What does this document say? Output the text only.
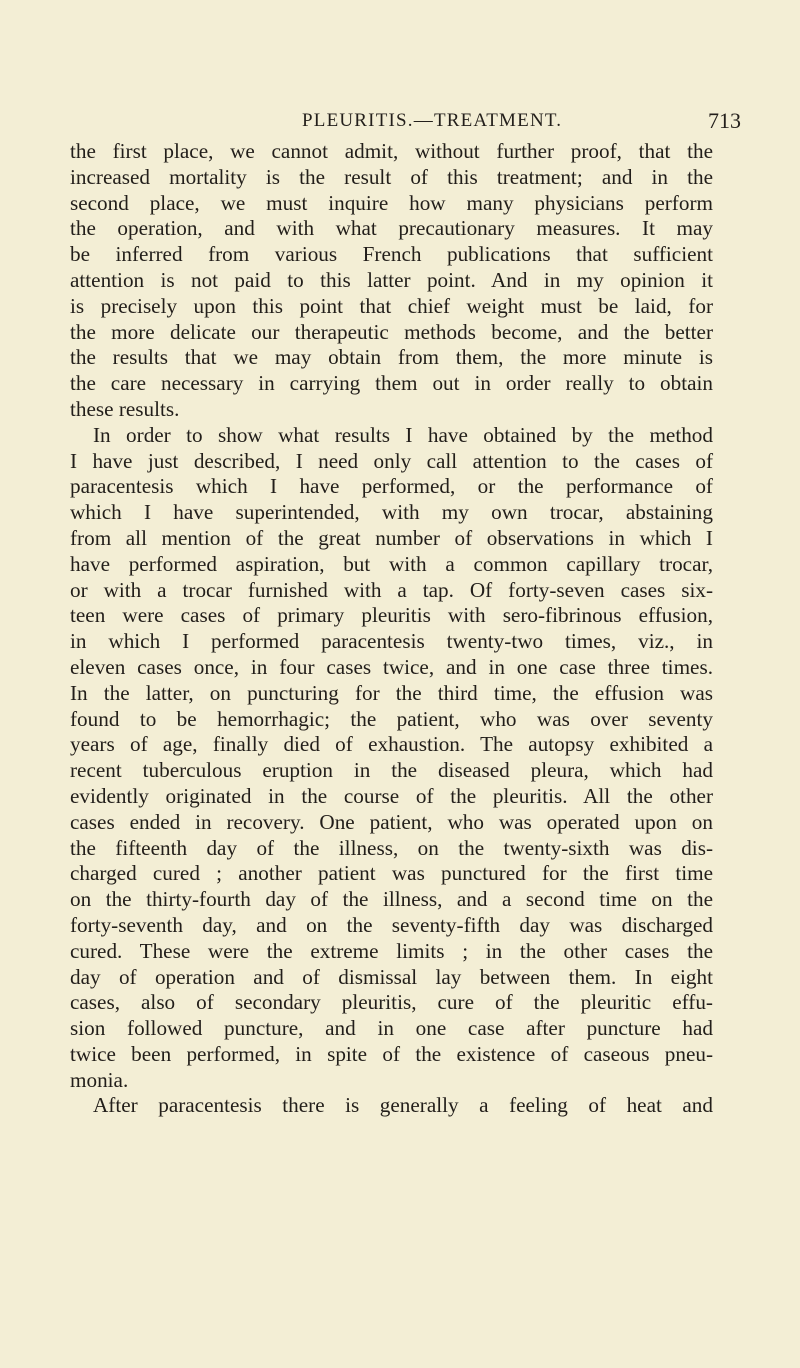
PLEURITIS.—TREATMENT.	713

the first place, we cannot admit, without further proof, that the

increased mortality is the result of this treatment; and in the

second place, we must inquire how many physicians perform

the operation, and with what precautionary measures. It may

be inferred from various French publications that sufficient

attention is not paid to this latter point. And in my opinion it

is precisely upon this point that chief weight must be laid, for

the more delicate our therapeutic methods become, and the better

the results that we may obtain from them, the more minute is

the care necessary in carrying them out in order really to obtain

these results.

In order to show what results I have obtained by the method

I have just described, I need only call attention to the cases of

paracentesis which I have performed, or the performance of

which I have superintended, with my own trocar, abstaining

from all mention of the great number of observations in which I

have performed aspiration, but with a common capillary trocar,

or with a trocar furnished with a tap. Of forty-seven cases six-

teen were cases of primary pleuritis with sero-fibrinous effusion,

in which I performed paracentesis twenty-two times, viz., in

eleven cases once, in four cases twice, and in one case three times.

In the latter, on puncturing for the third time, the effusion was

found to be hemorrhagic; the patient, who was over seventy

years of age, finally died of exhaustion. The autopsy exhibited a

recent tuberculous eruption in the diseased pleura, which had

evidently originated in the course of the pleuritis. All the other

cases ended in recovery. One patient, who was operated upon on

the fifteenth day of the illness, on the twenty-sixth was dis-

charged cured ; another patient was punctured for the first time

on the thirty-fourth day of the illness, and a second time on the

forty-seventh day, and on the seventy-fifth day was discharged

cured. These were the extreme limits ; in the other cases the

day of operation and of dismissal lay between them. In eight

cases, also of secondary pleuritis, cure of the pleuritic effu-

sion followed puncture, and in one case after puncture had

twice been performed, in spite of the existence of caseous pneu-

monia.

After paracentesis there is generally a feeling of heat and
